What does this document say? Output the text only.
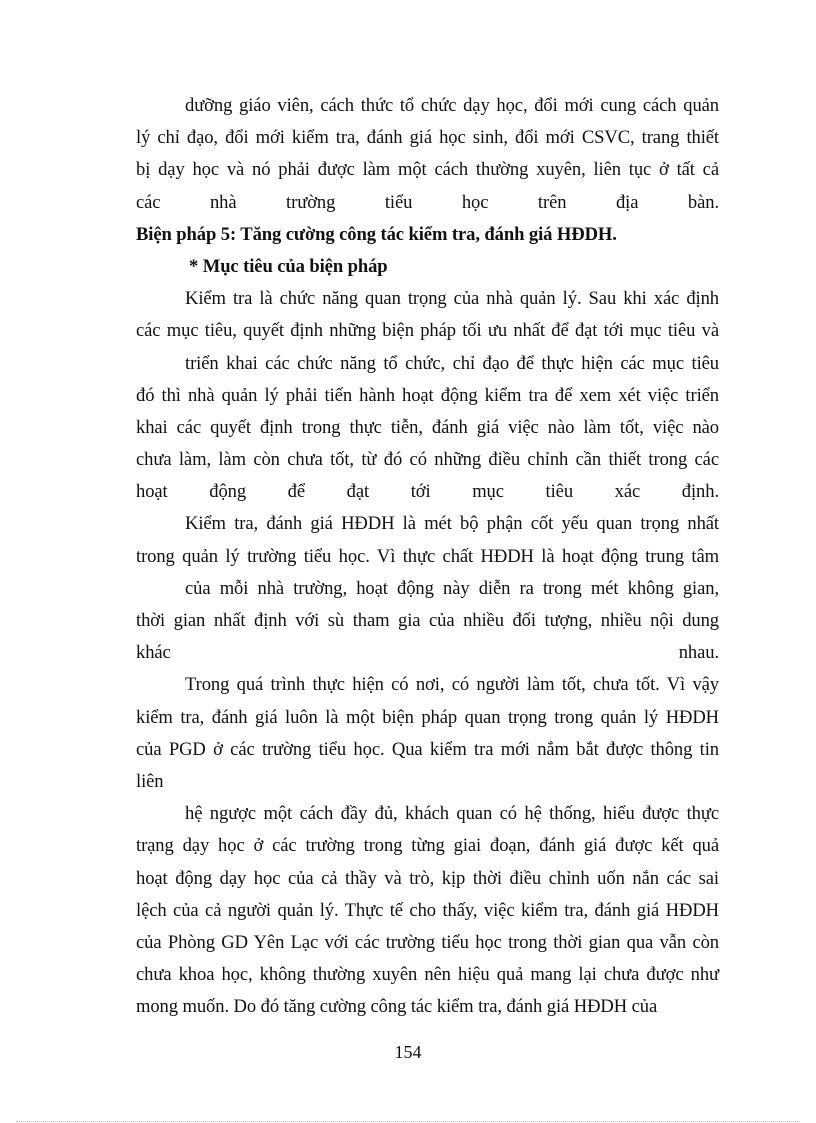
dưỡng giáo viên, cách thức tổ chức dạy học, đổi mới cung cách quản
lý chỉ đạo, đổi mới kiểm tra, đánh giá học sinh, đổi mới CSVC, trang thiết
bị dạy học và nó phải được làm một cách thường xuyên, liên tục ở tất cả
các nhà trường tiểu học trên địa bàn.
Biện pháp 5: Tăng cường công tác kiểm tra, đánh giá HĐDH.
* Mục tiêu của biện pháp
Kiểm tra là chức năng quan trọng của nhà quản lý. Sau khi xác định
các mục tiêu, quyết định những biện pháp tối ưu nhất để đạt tới mục tiêu và
triển khai các chức năng tổ chức, chỉ đạo để thực hiện các mục tiêu
đó thì nhà quản lý phải tiến hành hoạt động kiểm tra để xem xét việc triển
khai các quyết định trong thực tiễn, đánh giá việc nào làm tốt, việc nào
chưa làm, làm còn chưa tốt, từ đó có những điều chỉnh cần thiết trong các
hoạt động để đạt tới mục tiêu xác định.
Kiểm tra, đánh giá HĐDH là mét bộ phận cốt yếu quan trọng nhất
trong quản lý trường tiểu học. Vì thực chất HĐDH là hoạt động trung tâm
của mỗi nhà trường, hoạt động này diễn ra trong mét không gian,
thời gian nhất định với sù tham gia của nhiều đối tượng, nhiều nội dung
khác nhau.
Trong quá trình thực hiện có nơi, có người làm tốt, chưa tốt. Vì vậy
kiểm tra, đánh giá luôn là một biện pháp quan trọng trong quản lý HĐDH
của PGD ở các trường tiểu học. Qua kiểm tra mới nắm bắt được thông tin
liên
hệ ngược một cách đầy đủ, khách quan có hệ thống, hiểu được thực
trạng dạy học ở các trường trong từng giai đoạn, đánh giá được kết quả
hoạt động dạy học của cả thầy và trò, kịp thời điều chỉnh uốn nắn các sai
lệch của cả người quản lý. Thực tế cho thấy, việc kiểm tra, đánh giá HĐDH
của Phòng GD Yên Lạc với các trường tiểu học trong thời gian qua vẫn còn
chưa khoa học, không thường xuyên nên hiệu quả mang lại chưa được như
mong muốn. Do đó tăng cường công tác kiểm tra, đánh giá HĐDH của
154
